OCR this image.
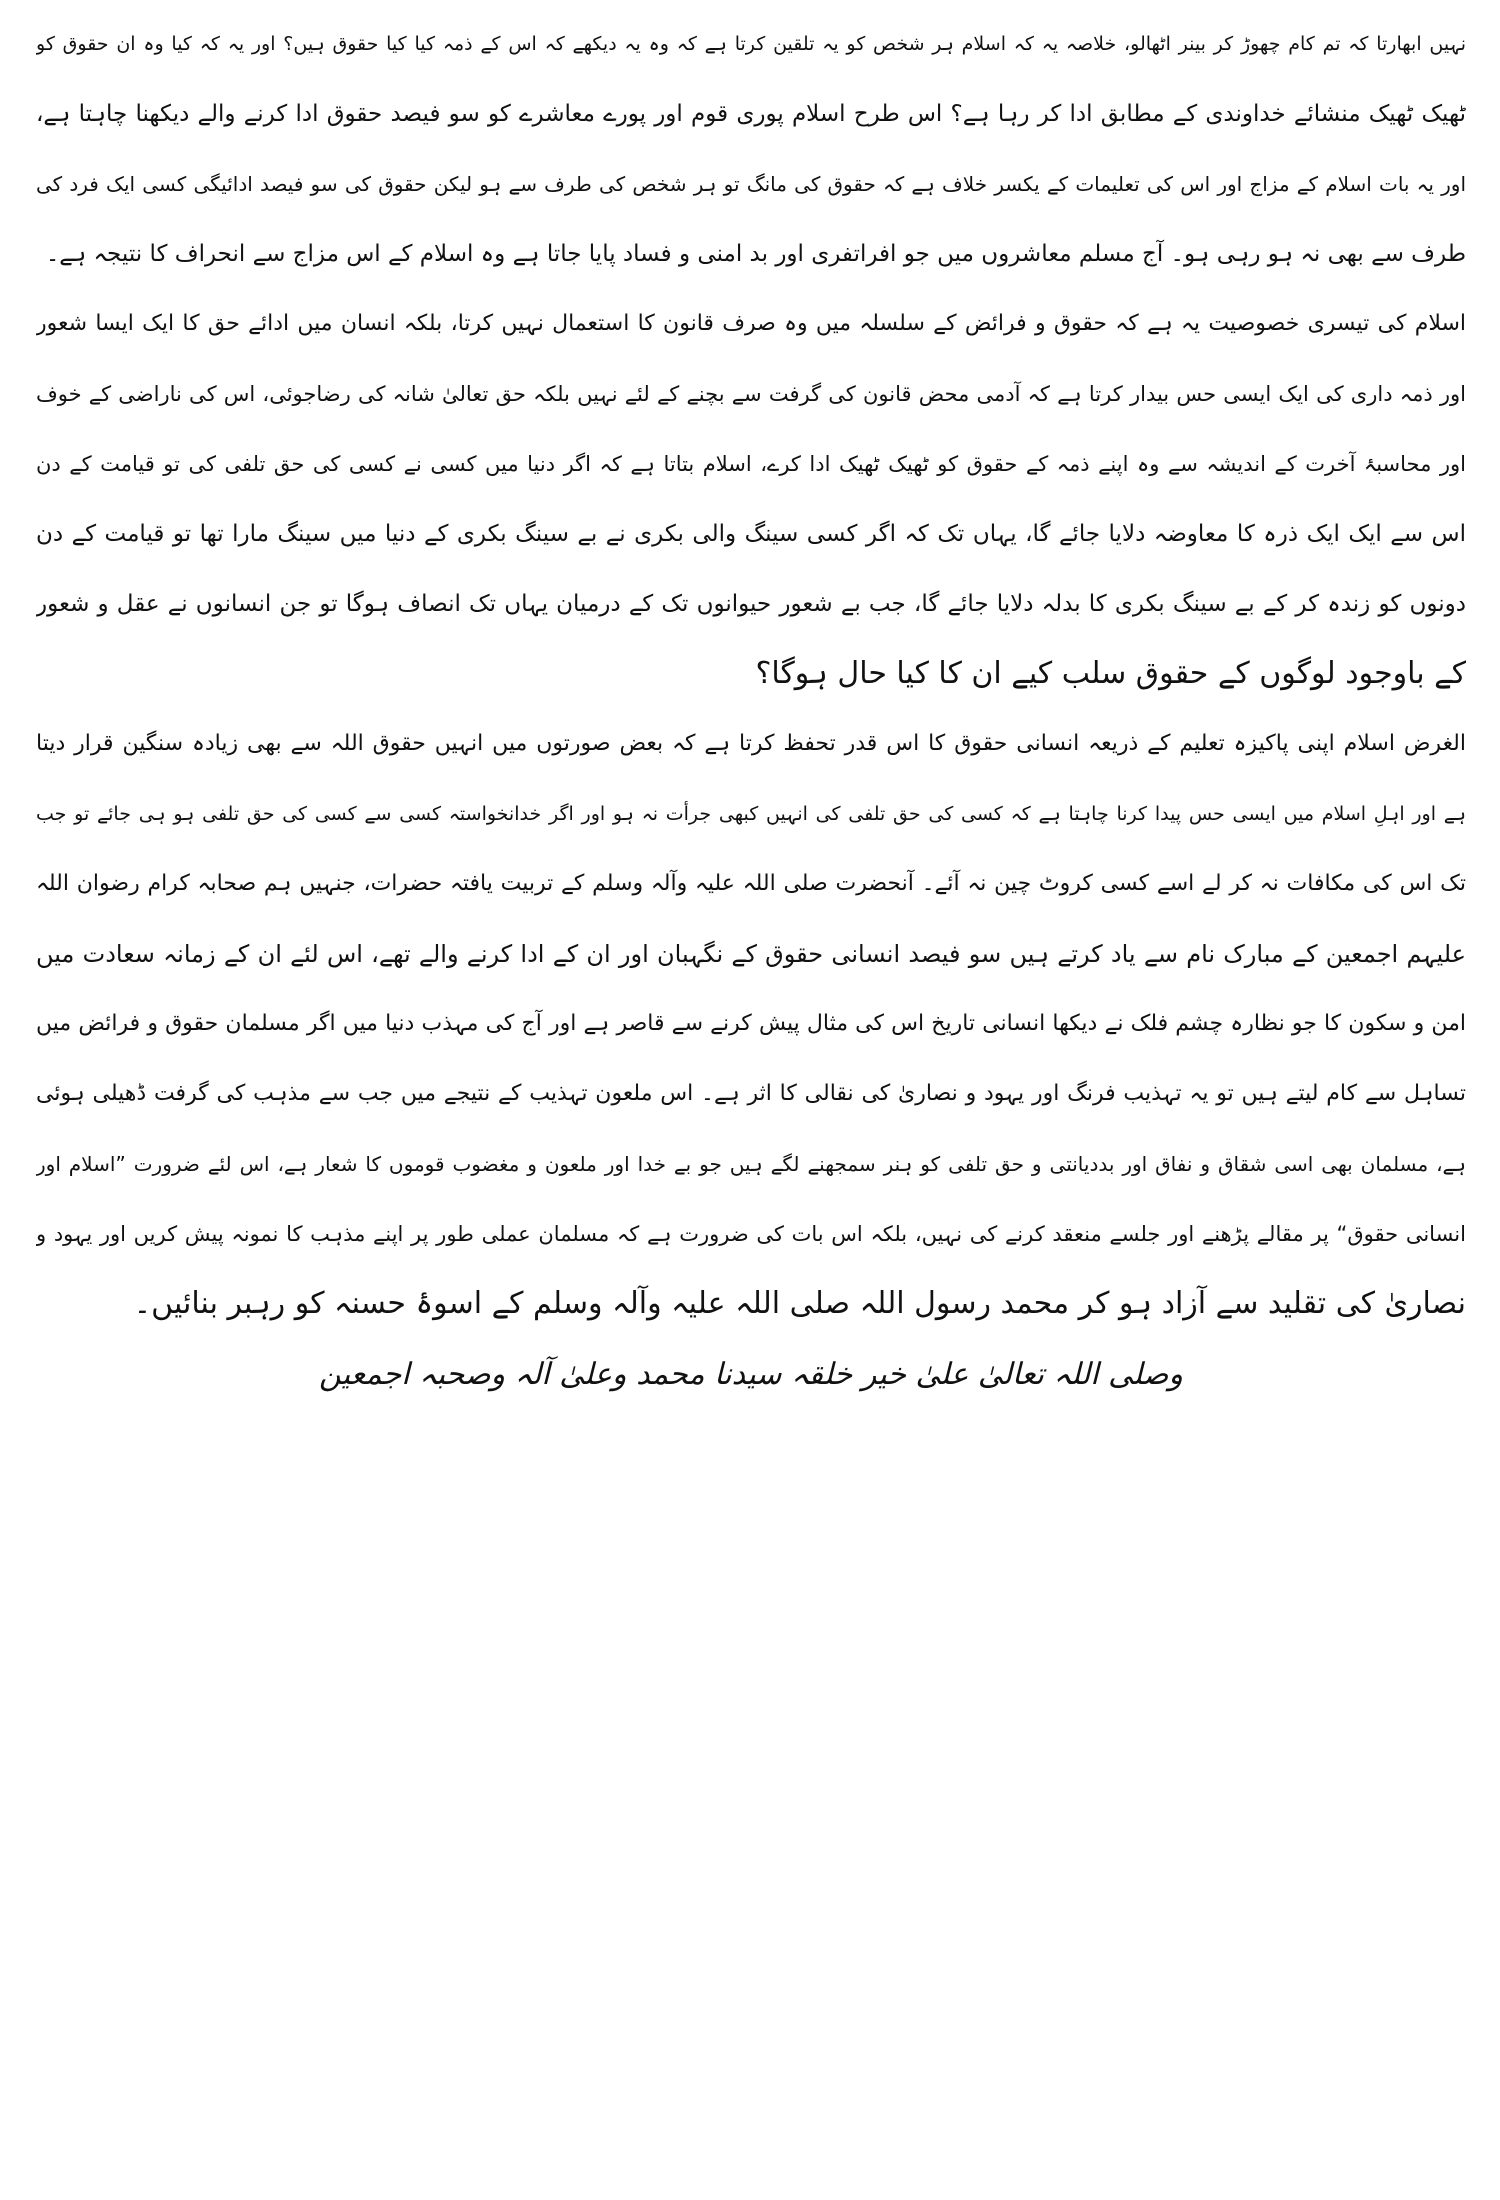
نہیں ابھارتا کہ تم کام چھوڑ کر بینر اٹھالو، خلاصہ یہ کہ اسلام ہر شخص کو یہ تلقین کرتا ہے کہ وہ یہ دیکھے کہ اس کے ذمہ کیا کیا حقوق ہیں؟ اور یہ کہ کیا وہ ان حقوق کو
ٹھیک ٹھیک منشائے خداوندی کے مطابق ادا کر رہا ہے؟ اس طرح اسلام پوری قوم اور پورے معاشرے کو سو فیصد حقوق ادا کرنے والے دیکھنا چاہتا ہے،
اور یہ بات اسلام کے مزاج اور اس کی تعلیمات کے یکسر خلاف ہے کہ حقوق کی مانگ تو ہر شخص کی طرف سے ہو لیکن حقوق کی سو فیصد ادائیگی کسی ایک فرد کی
طرف سے بھی نہ ہو رہی ہو۔ آج مسلم معاشروں میں جو افراتفری اور بد امنی و فساد پایا جاتا ہے وہ اسلام کے اس مزاج سے انحراف کا نتیجہ ہے۔
اسلام کی تیسری خصوصیت یہ ہے کہ حقوق و فرائض کے سلسلہ میں وہ صرف قانون کا استعمال نہیں کرتا، بلکہ انسان میں ادائے حق کا ایک ایسا شعور
اور ذمہ داری کی ایک ایسی حس بیدار کرتا ہے کہ آدمی محض قانون کی گرفت سے بچنے کے لئے نہیں بلکہ حق تعالیٰ شانہ کی رضاجوئی، اس کی ناراضی کے خوف
اور محاسبۂ آخرت کے اندیشہ سے وہ اپنے ذمہ کے حقوق کو ٹھیک ٹھیک ادا کرے، اسلام بتاتا ہے کہ اگر دنیا میں کسی نے کسی کی حق تلفی کی تو قیامت کے دن
اس سے ایک ایک ذرہ کا معاوضہ دلایا جائے گا، یہاں تک کہ اگر کسی سینگ والی بکری نے بے سینگ بکری کے دنیا میں سینگ مارا تھا تو قیامت کے دن
دونوں کو زندہ کر کے بے سینگ بکری کا بدلہ دلایا جائے گا، جب بے شعور حیوانوں تک کے درمیان یہاں تک انصاف ہوگا تو جن انسانوں نے عقل و شعور
کے باوجود لوگوں کے حقوق سلب کیے ان کا کیا حال ہوگا؟
الغرض اسلام اپنی پاکیزہ تعلیم کے ذریعہ انسانی حقوق کا اس قدر تحفظ کرتا ہے کہ بعض صورتوں میں انہیں حقوق اللہ سے بھی زیادہ سنگین قرار دیتا
ہے اور اہلِ اسلام میں ایسی حس پیدا کرنا چاہتا ہے کہ کسی کی حق تلفی کی انہیں کبھی جرأت نہ ہو اور اگر خدانخواستہ کسی سے کسی کی حق تلفی ہو ہی جائے تو جب
تک اس کی مکافات نہ کر لے اسے کسی کروٹ چین نہ آئے۔ آنحضرت صلی اللہ علیہ وآلہ وسلم کے تربیت یافتہ حضرات، جنہیں ہم صحابہ کرام رضوان اللہ
علیہم اجمعین کے مبارک نام سے یاد کرتے ہیں سو فیصد انسانی حقوق کے نگہبان اور ان کے ادا کرنے والے تھے، اس لئے ان کے زمانہ سعادت میں
امن و سکون کا جو نظارہ چشم فلک نے دیکھا انسانی تاریخ اس کی مثال پیش کرنے سے قاصر ہے اور آج کی مہذب دنیا میں اگر مسلمان حقوق و فرائض میں
تساہل سے کام لیتے ہیں تو یہ تہذیب فرنگ اور یہود و نصاریٰ کی نقالی کا اثر ہے۔ اس ملعون تہذیب کے نتیجے میں جب سے مذہب کی گرفت ڈھیلی ہوئی
ہے، مسلمان بھی اسی شقاق و نفاق اور بددیانتی و حق تلفی کو ہنر سمجھنے لگے ہیں جو بے خدا اور ملعون و مغضوب قوموں کا شعار ہے، اس لئے ضرورت ”اسلام اور
انسانی حقوق“ پر مقالے پڑھنے اور جلسے منعقد کرنے کی نہیں، بلکہ اس بات کی ضرورت ہے کہ مسلمان عملی طور پر اپنے مذہب کا نمونہ پیش کریں اور یہود و
نصاریٰ کی تقلید سے آزاد ہو کر محمد رسول اللہ صلی اللہ علیہ وآلہ وسلم کے اسوۂ حسنہ کو رہبر بنائیں۔
وصلی اللہ تعالیٰ علیٰ خیر خلقہ سیدنا محمد وعلیٰ آلہ وصحبہ اجمعین
